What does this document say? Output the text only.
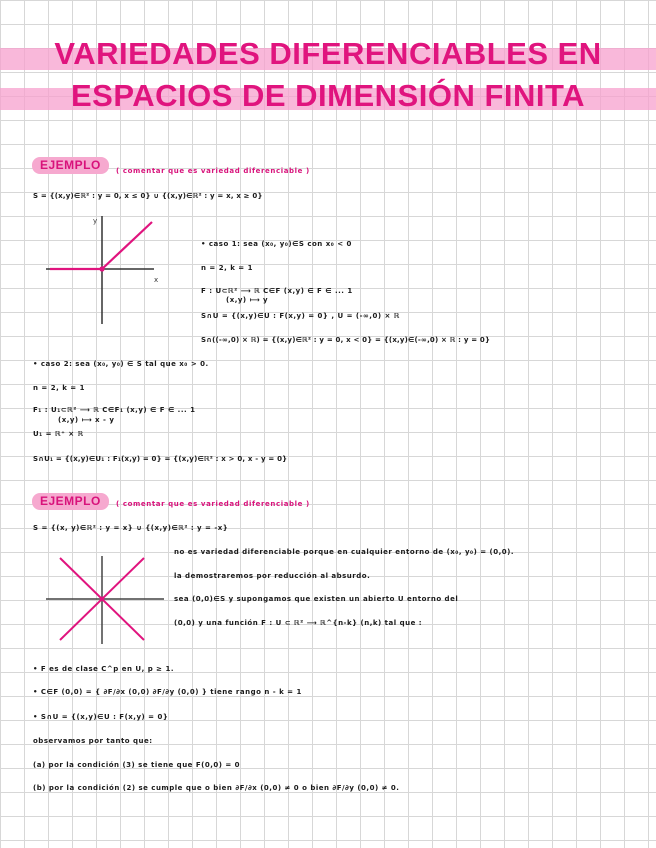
VARIEDADES DIFERENCIABLES EN
ESPACIOS DE DIMENSIÓN FINITA
EJEMPLO	( comentar que es variedad diferenciable )
S = {(x,y)∈ℝ² : y = 0, x ≤ 0} ∪ {(x,y)∈ℝ² : y = x, x ≥ 0}
x
y
• caso 1: sea (x₀, y₀)∈S con x₀ < 0
n = 2, k = 1
F : U⊂ℝ² ⟶ ℝ C∈F (x,y) ∈ F ∈ ... 1
(x,y) ⟼ y
S∩U = {(x,y)∈U : F(x,y) = 0} , U = (-∞,0) × ℝ
S∩((-∞,0) × ℝ) = {(x,y)∈ℝ² : y = 0, x < 0} = {(x,y)∈(-∞,0) × ℝ : y = 0}
• caso 2: sea (x₀, y₀) ∈ S tal que x₀ > 0.
n = 2, k = 1
F₁ : U₁⊂ℝ² ⟶ ℝ C∈F₁ (x,y) ∈ F ∈ ... 1
(x,y) ⟼ x - y
U₁ = ℝ⁺ × ℝ
S∩U₁ = {(x,y)∈U₁ : F₁(x,y) = 0} = {(x,y)∈ℝ² : x > 0, x - y = 0}
EJEMPLO	( comentar que es variedad diferenciable )
S = {(x, y)∈ℝ² : y = x} ∪ {(x,y)∈ℝ² : y = -x}
no es variedad diferenciable porque en cualquier entorno de (x₀, y₀) = (0,0).
la demostraremos por reducción al absurdo.
sea (0,0)∈S y supongamos que existen un abierto U entorno del
(0,0) y una función F : U ⊂ ℝ² ⟶ ℝ^{n-k} (n,k) tal que :
• F es de clase C^p en U, p ≥ 1.
• C∈F (0,0) = { ∂F/∂x (0,0) ∂F/∂y (0,0) } tiene rango n - k = 1
• S∩U = {(x,y)∈U : F(x,y) = 0}
observamos por tanto que:
(a) por la condición (3) se tiene que F(0,0) = 0
(b) por la condición (2) se cumple que o bien ∂F/∂x (0,0) ≠ 0 o bien ∂F/∂y (0,0) ≠ 0.
